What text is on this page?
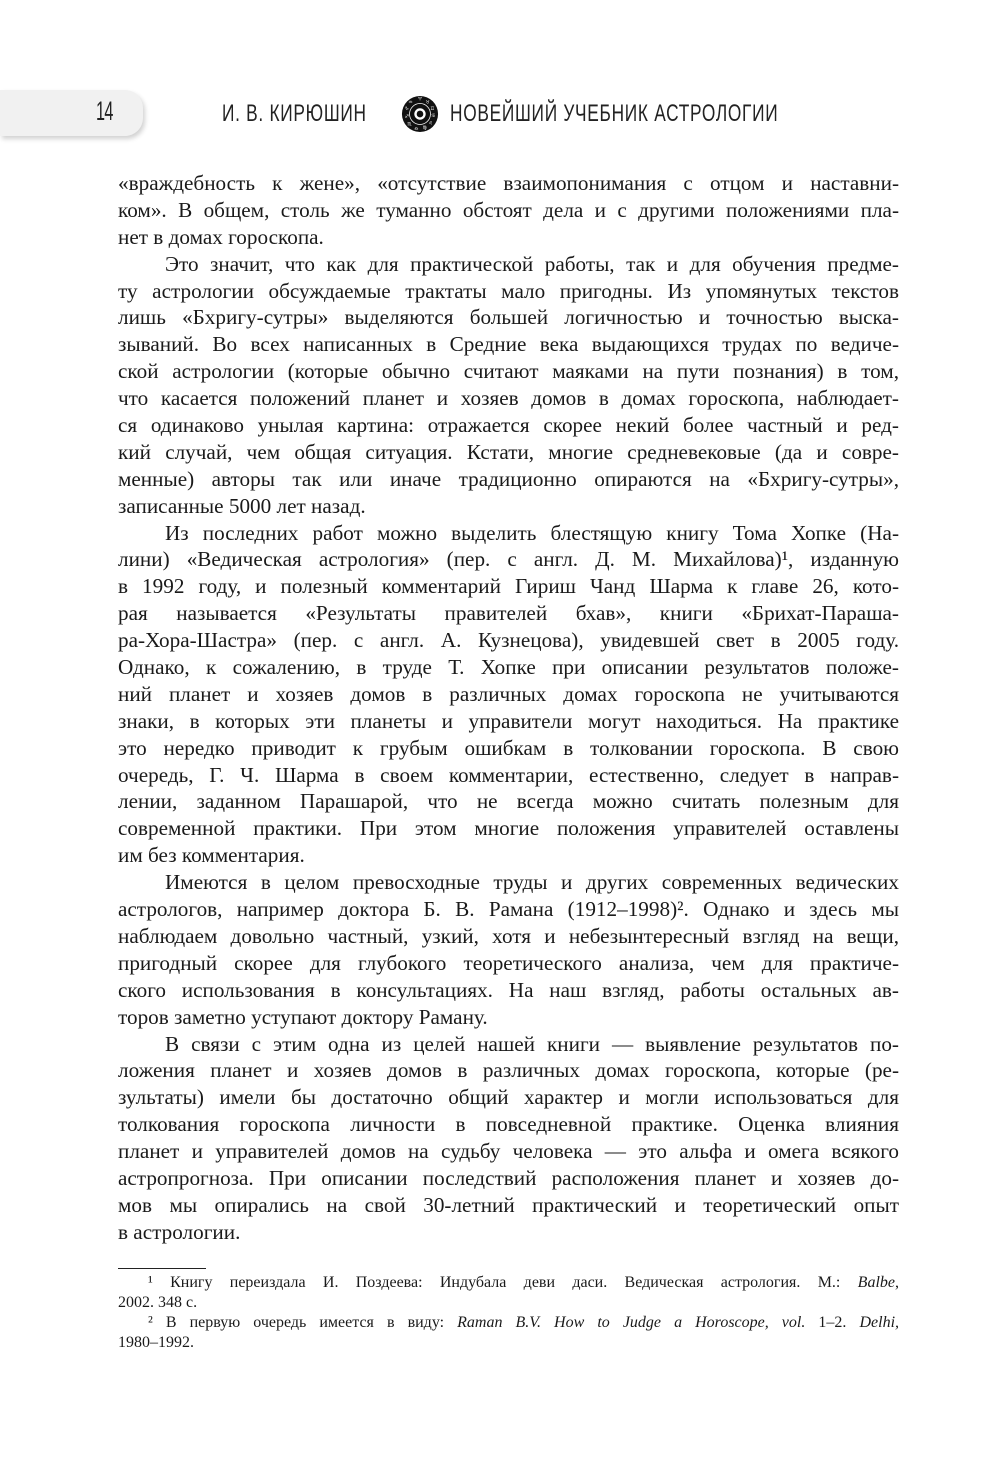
14	И. В. КИРЮШИН	♈
♉
♊
♋
♌
♍
♎
♏
♐
♑
♒ НОВЕЙШИЙ УЧЕБНИК АСТРОЛОГИИ
«враждебность к жене», «отсутствие взаимопонимания с отцом и наставни-
ком». В общем, столь же туманно обстоят дела и с другими положениями пла-
нет в домах гороскопа.
Это значит, что как для практической работы, так и для обучения предме-
ту астрологии обсуждаемые трактаты мало пригодны. Из упомянутых текстов
лишь «Бхригу-сутры» выделяются большей логичностью и точностью выска-
зываний. Во всех написанных в Средние века выдающихся трудах по ведиче-
ской астрологии (которые обычно считают маяками на пути познания) в том,
что касается положений планет и хозяев домов в домах гороскопа, наблюдает-
ся одинаково унылая картина: отражается скорее некий более частный и ред-
кий случай, чем общая ситуация. Кстати, многие средневековые (да и совре-
менные) авторы так или иначе традиционно опираются на «Бхригу-сутры»,
записанные 5000 лет назад.
Из последних работ можно выделить блестящую книгу Тома Хопке (На-
лини) «Ведическая астрология» (пер. с англ. Д. М. Михайлова)¹, изданную
в 1992 году, и полезный комментарий Гириш Чанд Шарма к главе 26, кото-
рая называется «Результаты правителей бхав», книги «Брихат-Параша-
ра-Хора-Шастра» (пер. с англ. А. Кузнецова), увидевшей свет в 2005 году.
Однако, к сожалению, в труде Т. Хопке при описании результатов положе-
ний планет и хозяев домов в различных домах гороскопа не учитываются
знаки, в которых эти планеты и управители могут находиться. На практике
это нередко приводит к грубым ошибкам в толковании гороскопа. В свою
очередь, Г. Ч. Шарма в своем комментарии, естественно, следует в направ-
лении, заданном Парашарой, что не всегда можно считать полезным для
современной практики. При этом многие положения управителей оставлены
им без комментария.
Имеются в целом превосходные труды и других современных ведических
астрологов, например доктора Б. В. Рамана (1912–1998)². Однако и здесь мы
наблюдаем довольно частный, узкий, хотя и небезынтересный взгляд на вещи,
пригодный скорее для глубокого теоретического анализа, чем для практиче-
ского использования в консультациях. На наш взгляд, работы остальных ав-
торов заметно уступают доктору Раману.
В связи с этим одна из целей нашей книги — выявление результатов по-
ложения планет и хозяев домов в различных домах гороскопа, которые (ре-
зультаты) имели бы достаточно общий характер и могли использоваться для
толкования гороскопа личности в повседневной практике. Оценка влияния
планет и управителей домов на судьбу человека — это альфа и омега всякого
астропрогноза. При описании последствий расположения планет и хозяев до-
мов мы опирались на свой 30-летний практический и теоретический опыт
в астрологии.
¹ Книгу переиздала И. Поздеева: Индубала деви даси. Ведическая астрология. М.: Balbe,
2002. 348 с.
² В первую очередь имеется в виду: Raman B.V. How to Judge a Horoscope, vol. 1–2. Delhi,
1980–1992.
